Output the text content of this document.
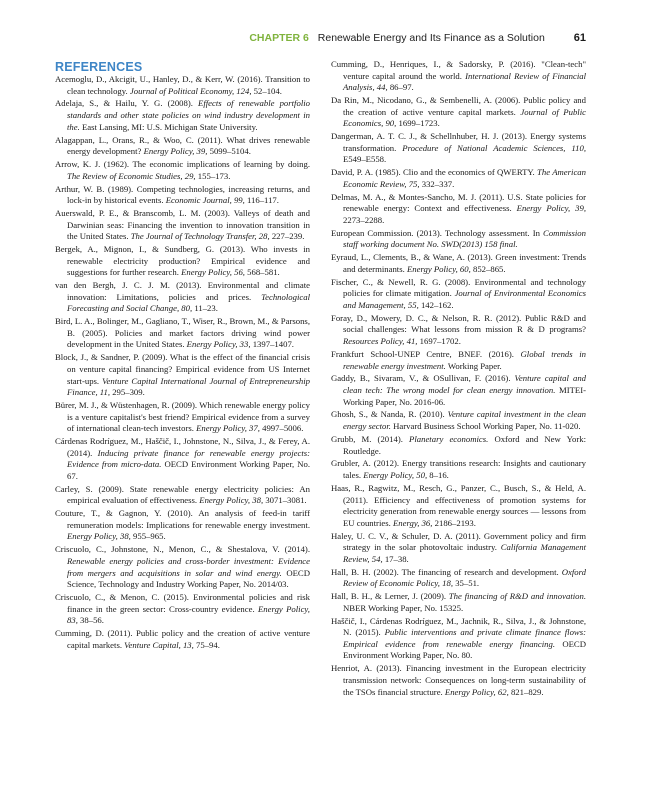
CHAPTER 6 Renewable Energy and Its Finance as a Solution	61
REFERENCES

Acemoglu, D., Akcigit, U., Hanley, D., & Kerr, W. (2016). Transition to clean technology. Journal of Political Economy, 124, 52–104.

Adelaja, S., & Hailu, Y. G. (2008). Effects of renewable portfolio standards and other state policies on wind industry development in the. East Lansing, MI: U.S. Michigan State University.

Alagappan, L., Orans, R., & Woo, C. (2011). What drives renewable energy development? Energy Policy, 39, 5099–5104.

Arrow, K. J. (1962). The economic implications of learning by doing. The Review of Economic Studies, 29, 155–173.

Arthur, W. B. (1989). Competing technologies, increasing returns, and lock-in by historical events. Economic Journal, 99, 116–117.

Auerswald, P. E., & Branscomb, L. M. (2003). Valleys of death and Darwinian seas: Financing the invention to innovation transition in the United States. The Journal of Technology Transfer, 28, 227–239.

Bergek, A., Mignon, I., & Sundberg, G. (2013). Who invests in renewable electricity production? Empirical evidence and suggestions for further research. Energy Policy, 56, 568–581.

van den Bergh, J. C. J. M. (2013). Environmental and climate innovation: Limitations, policies and prices. Technological Forecasting and Social Change, 80, 11–23.

Bird, L. A., Bolinger, M., Gagliano, T., Wiser, R., Brown, M., & Parsons, B. (2005). Policies and market factors driving wind power development in the United States. Energy Policy, 33, 1397–1407.

Block, J., & Sandner, P. (2009). What is the effect of the financial crisis on venture capital financing? Empirical evidence from US Internet start-ups. Venture Capital International Journal of Entrepreneurship Finance, 11, 295–309.

Bürer, M. J., & Wüstenhagen, R. (2009). Which renewable energy policy is a venture capitalist's best friend? Empirical evidence from a survey of international clean-tech investors. Energy Policy, 37, 4997–5006.

Cárdenas Rodríguez, M., Haščič, I., Johnstone, N., Silva, J., & Ferey, A. (2014). Inducing private finance for renewable energy projects: Evidence from micro-data. OECD Environment Working Paper, No. 67.

Carley, S. (2009). State renewable energy electricity policies: An empirical evaluation of effectiveness. Energy Policy, 38, 3071–3081.

Couture, T., & Gagnon, Y. (2010). An analysis of feed-in tariff remuneration models: Implications for renewable energy investment. Energy Policy, 38, 955–965.

Criscuolo, C., Johnstone, N., Menon, C., & Shestalova, V. (2014). Renewable energy policies and cross-border investment: Evidence from mergers and acquisitions in solar and wind energy. OECD Science, Technology and Industry Working Paper, No. 2014/03.

Criscuolo, C., & Menon, C. (2015). Environmental policies and risk finance in the green sector: Cross-country evidence. Energy Policy, 83, 38–56.

Cumming, D. (2011). Public policy and the creation of active venture capital markets. Venture Capital, 13, 75–94.

Cumming, D., Henriques, I., & Sadorsky, P. (2016). "Clean-tech" venture capital around the world. International Review of Financial Analysis, 44, 86–97.

Da Rin, M., Nicodano, G., & Sembenelli, A. (2006). Public policy and the creation of active venture capital markets. Journal of Public Economics, 90, 1699–1723.

Dangerman, A. T. C. J., & Schellnhuber, H. J. (2013). Energy systems transformation. Procedure of National Academic Sciences, 110, E549–E558.

David, P. A. (1985). Clio and the economics of QWERTY. The American Economic Review, 75, 332–337.

Delmas, M. A., & Montes-Sancho, M. J. (2011). U.S. State policies for renewable energy: Context and effectiveness. Energy Policy, 39, 2273–2288.

European Commission. (2013). Technology assessment. In Commission staff working document No. SWD(2013) 158 final.

Eyraud, L., Clements, B., & Wane, A. (2013). Green investment: Trends and determinants. Energy Policy, 60, 852–865.

Fischer, C., & Newell, R. G. (2008). Environmental and technology policies for climate mitigation. Journal of Environmental Economics and Management, 55, 142–162.

Foray, D., Mowery, D. C., & Nelson, R. R. (2012). Public R&D and social challenges: What lessons from mission R & D programs? Resources Policy, 41, 1697–1702.

Frankfurt School-UNEP Centre, BNEF. (2016). Global trends in renewable energy investment. Working Paper.

Gaddy, B., Sivaram, V., & OSullivan, F. (2016). Venture capital and clean tech: The wrong model for clean energy innovation. MITEI-Working Paper, No. 2016-06.

Ghosh, S., & Nanda, R. (2010). Venture capital investment in the clean energy sector. Harvard Business School Working Paper, No. 11-020.

Grubb, M. (2014). Planetary economics. Oxford and New York: Routledge.

Grubler, A. (2012). Energy transitions research: Insights and cautionary tales. Energy Policy, 50, 8–16.

Haas, R., Ragwitz, M., Resch, G., Panzer, C., Busch, S., & Held, A. (2011). Efficiency and effectiveness of promotion systems for electricity generation from renewable energy sources — lessons from EU countries. Energy, 36, 2186–2193.

Haley, U. C. V., & Schuler, D. A. (2011). Government policy and firm strategy in the solar photovoltaic industry. California Management Review, 54, 17–38.

Hall, B. H. (2002). The financing of research and development. Oxford Review of Economic Policy, 18, 35–51.

Hall, B. H., & Lerner, J. (2009). The financing of R&D and innovation. NBER Working Paper, No. 15325.

Haščič, I., Cárdenas Rodríguez, M., Jachnik, R., Silva, J., & Johnstone, N. (2015). Public interventions and private climate finance flows: Empirical evidence from renewable energy financing. OECD Environment Working Paper, No. 80.

Henriot, A. (2013). Financing investment in the European electricity transmission network: Consequences on long-term sustainability of the TSOs financial structure. Energy Policy, 62, 821–829.
